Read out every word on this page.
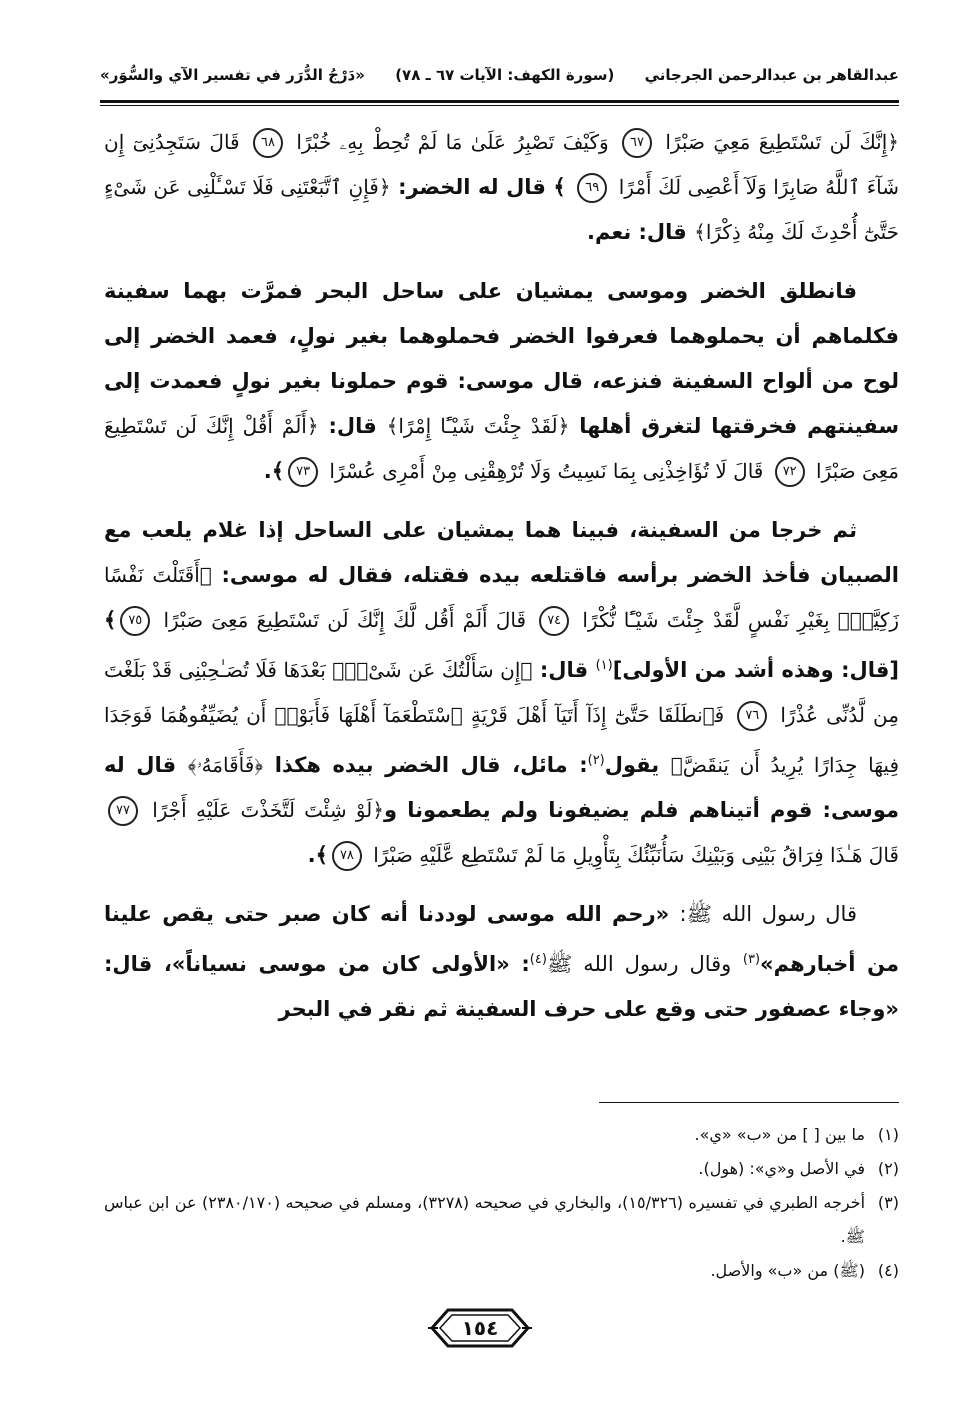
عبدالقاهر بن عبدالرحمن الجرجاني
(سورة الكهف: الآيات ٦٧ ـ ٧٨)
«دَرْجُ الدُّرَر في تفسير الآي والسُّوَر»

﴿إِنَّكَ لَن تَسْتَطِيعَ مَعِيَ صَبْرًا ٦٧ وَكَيْفَ تَصْبِرُ عَلَىٰ مَا لَمْ تُحِطْ بِهِۦ خُبْرًا ٦٨ قَالَ سَتَجِدُنِىٓ إِن شَآءَ ٱللَّهُ صَابِرًا وَلَآ أَعْصِى لَكَ أَمْرًا ٦٩ ﴾ قال له الخضر: ﴿فَإِنِ ٱتَّبَعْتَنِى فَلَا تَسْـَٔلْنِى عَن شَىْءٍ حَتَّىٰٓ أُحْدِثَ لَكَ مِنْهُ ذِكْرًا﴾ قال: نعم.

فانطلق الخضر وموسى يمشيان على ساحل البحر فمرَّت بهما سفينة فكلماهم أن يحملوهما فعرفوا الخضر فحملوهما بغير نولٍ، فعمد الخضر إلى لوح من ألواح السفينة فنزعه، قال موسى: قوم حملونا بغير نولٍ فعمدت إلى سفينتهم فخرقتها لتغرق أهلها ﴿لَقَدْ جِئْتَ شَيْـًٔا إِمْرًا﴾ قال: ﴿أَلَمْ أَقُلْ إِنَّكَ لَن تَسْتَطِيعَ مَعِىَ صَبْرًا ٧٢ قَالَ لَا تُؤَاخِذْنِى بِمَا نَسِيتُ وَلَا تُرْهِقْنِى مِنْ أَمْرِى عُسْرًا ٧٣﴾.

ثم خرجا من السفينة، فبينا هما يمشيان على الساحل إذا غلام يلعب مع الصبيان فأخذ الخضر برأسه فاقتلعه بيده فقتله، فقال له موسى: ﴿أَقَتَلْتَ نَفْسًا زَكِيَّةًۢ بِغَيْرِ نَفْسٍ لَّقَدْ جِئْتَ شَيْـًٔا نُّكْرًا ٧٤ قَالَ أَلَمْ أَقُل لَّكَ إِنَّكَ لَن تَسْتَطِيعَ مَعِىَ صَبْرًا ٧٥﴾ [قال: وهذه أشد من الأولى]$^{(١)}$ قال: ﴿إِن سَأَلْتُكَ عَن شَىْءٍۭ بَعْدَهَا فَلَا تُصَـٰحِبْنِى قَدْ بَلَغْتَ مِن لَّدُنِّى عُذْرًا ٧٦ فَٱنطَلَقَا حَتَّىٰٓ إِذَآ أَتَيَآ أَهْلَ قَرْيَةٍ ٱسْتَطْعَمَآ أَهْلَهَا فَأَبَوْا۟ أَن يُضَيِّفُوهُمَا فَوَجَدَا فِيهَا جِدَارًا يُرِيدُ أَن يَنقَضَّ﴾ يقول$^{(٢)}$: مائل، قال الخضر بيده هكذا ﴿فَأَقَامَهُۥ﴾ قال له موسى: قوم أتيناهم فلم يضيفونا ولم يطعمونا و﴿لَوْ شِئْتَ لَتَّخَذْتَ عَلَيْهِ أَجْرًا ٧٧ قَالَ هَـٰذَا فِرَاقُ بَيْنِى وَبَيْنِكَ سَأُنَبِّئُكَ بِتَأْوِيلِ مَا لَمْ تَسْتَطِع عَّلَيْهِ صَبْرًا ٧٨﴾.

قال رسول الله ﷺ: «رحم الله موسى لوددنا أنه كان صبر حتى يقص علينا من أخبارهم»$^{(٣)}$ وقال رسول الله ﷺ$^{(٤)}$: «الأولى كان من موسى نسياناً»، قال: «وجاء عصفور حتى وقع على حرف السفينة ثم نقر في البحر

(١)
ما بين [ ] من «ب» «ي».
(٢)
في الأصل و«ي»: (هول).
(٣)
أخرجه الطبري في تفسيره (١٥/٣٢٦)، والبخاري في صحيحه (٣٢٧٨)، ومسلم في صحيحه (٢٣٨٠/١٧٠) عن ابن عباس ﷺ.
(٤)
(ﷺ) من «ب» والأصل.
١٥٤
